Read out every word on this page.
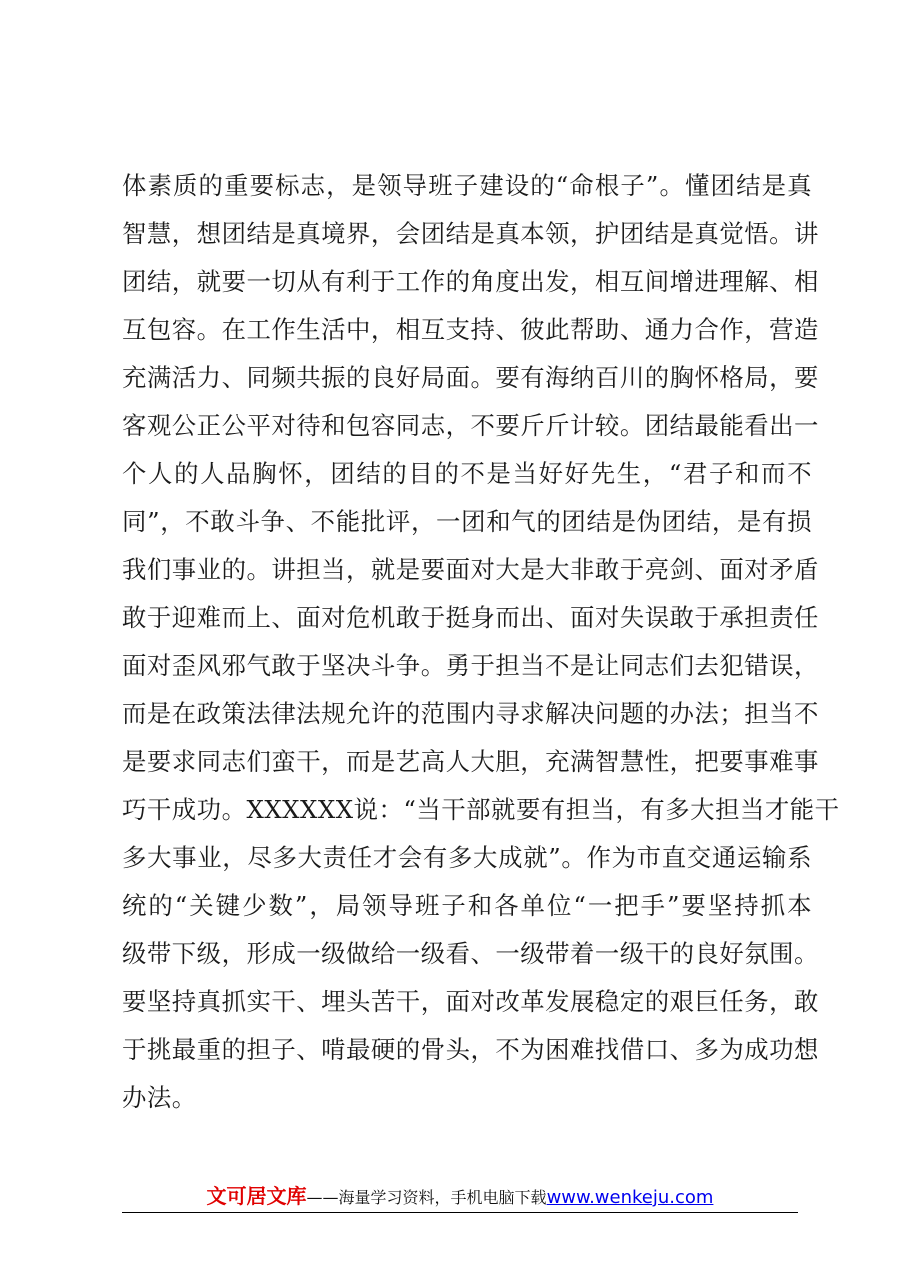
体素质的重要标志，是领导班子建设的“命根子”。懂团结是真
智慧，想团结是真境界，会团结是真本领，护团结是真觉悟。讲
团结，就要一切从有利于工作的角度出发，相互间增进理解、相
互包容。在工作生活中，相互支持、彼此帮助、通力合作，营造
充满活力、同频共振的良好局面。要有海纳百川的胸怀格局，要
客观公正公平对待和包容同志，不要斤斤计较。团结最能看出一
个人的人品胸怀，团结的目的不是当好好先生，“君子和而不
同”，不敢斗争、不能批评，一团和气的团结是伪团结，是有损
我们事业的。讲担当，就是要面对大是大非敢于亮剑、面对矛盾
敢于迎难而上、面对危机敢于挺身而出、面对失误敢于承担责任
面对歪风邪气敢于坚决斗争。勇于担当不是让同志们去犯错误，
而是在政策法律法规允许的范围内寻求解决问题的办法；担当不
是要求同志们蛮干，而是艺高人大胆，充满智慧性，把要事难事
巧干成功。XXXXXX说：“当干部就要有担当，有多大担当才能干
多大事业，尽多大责任才会有多大成就”。作为市直交通运输系
统的“关键少数”，局领导班子和各单位“一把手”要坚持抓本
级带下级，形成一级做给一级看、一级带着一级干的良好氛围。
要坚持真抓实干、埋头苦干，面对改革发展稳定的艰巨任务，敢
于挑最重的担子、啃最硬的骨头，不为困难找借口、多为成功想
办法。
文可居文库——海量学习资料，手机电脑下载www.wenkeju.com
